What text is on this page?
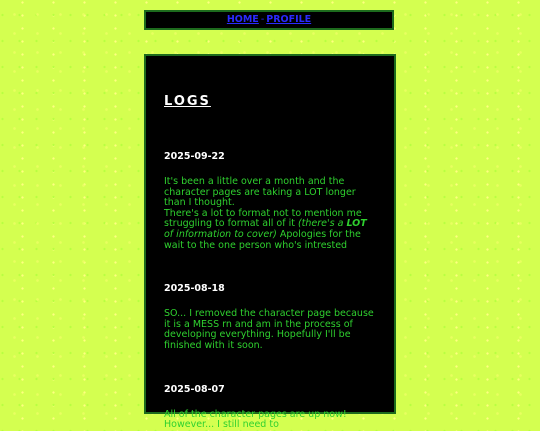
HOME - PROFILE
LOGS
2025-09-22

It's been a little over a month and the character pages are taking a LOT longer than I thought.
There's a lot to format not to mention me struggling to format all of it (there's a LOT of information to cover) Apologies for the wait to the one person who's intrested

2025-08-18

SO... I removed the character page because it is a MESS rn and am in the process of developing everything. Hopefully I'll be finished with it soon.

2025-08-07

All of the character pages are up now! However... I still need to
